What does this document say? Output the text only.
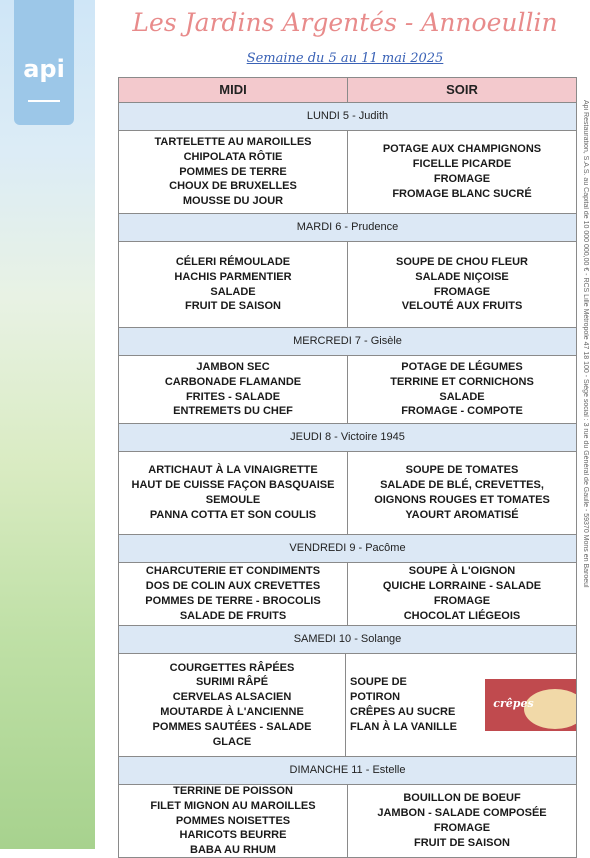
api
Les Jardins Argentés - Annoeullin
Semaine du 5 au 11 mai 2025
Api Restauration, S.A.S. au Capital de 10 000 000,00 € - RCS Lille Métropole 47 18 100 - Siège social : 3 rue du Général de Gaulle - 59370 Mons en Baroeul
MIDI	SOIR
LUNDI 5 - Judith
TARTELETTE AU MAROILLES
CHIPOLATA RÔTIE
POMMES DE TERRE
CHOUX DE BRUXELLES
MOUSSE DU JOUR
POTAGE AUX CHAMPIGNONS
FICELLE PICARDE
FROMAGE
FROMAGE BLANC SUCRÉ
MARDI 6 - Prudence
CÉLERI RÉMOULADE
HACHIS PARMENTIER
SALADE
FRUIT DE SAISON
SOUPE DE CHOU FLEUR
SALADE NIÇOISE
FROMAGE
VELOUTÉ AUX FRUITS
MERCREDI 7 - Gisèle
JAMBON SEC
CARBONADE FLAMANDE
FRITES - SALADE
ENTREMETS DU CHEF
POTAGE DE LÉGUMES
TERRINE ET CORNICHONS
SALADE
FROMAGE - COMPOTE
JEUDI 8 - Victoire 1945
ARTICHAUT À LA VINAIGRETTE
HAUT DE CUISSE FAÇON BASQUAISE
SEMOULE
PANNA COTTA ET SON COULIS
SOUPE DE TOMATES
SALADE DE BLÉ, CREVETTES,
OIGNONS ROUGES ET TOMATES
YAOURT AROMATISÉ
VENDREDI 9 - Pacôme
CHARCUTERIE ET CONDIMENTS
DOS DE COLIN AUX CREVETTES
POMMES DE TERRE - BROCOLIS
SALADE DE FRUITS
SOUPE À L'OIGNON
QUICHE LORRAINE - SALADE
FROMAGE
CHOCOLAT LIÉGEOIS
SAMEDI 10 - Solange
COURGETTES RÂPÉES
SURIMI RÂPÉ
CERVELAS ALSACIEN
MOUTARDE À L'ANCIENNE
POMMES SAUTÉES - SALADE
GLACE
SOUPE DE POTIRON
CRÊPES AU SUCRE
FLAN À LA VANILLE
crêpes
DIMANCHE 11 - Estelle
TERRINE DE POISSON
FILET MIGNON AU MAROILLES
POMMES NOISETTES
HARICOTS BEURRE
BABA AU RHUM
BOUILLON DE BOEUF
JAMBON - SALADE COMPOSÉE
FROMAGE
FRUIT DE SAISON
